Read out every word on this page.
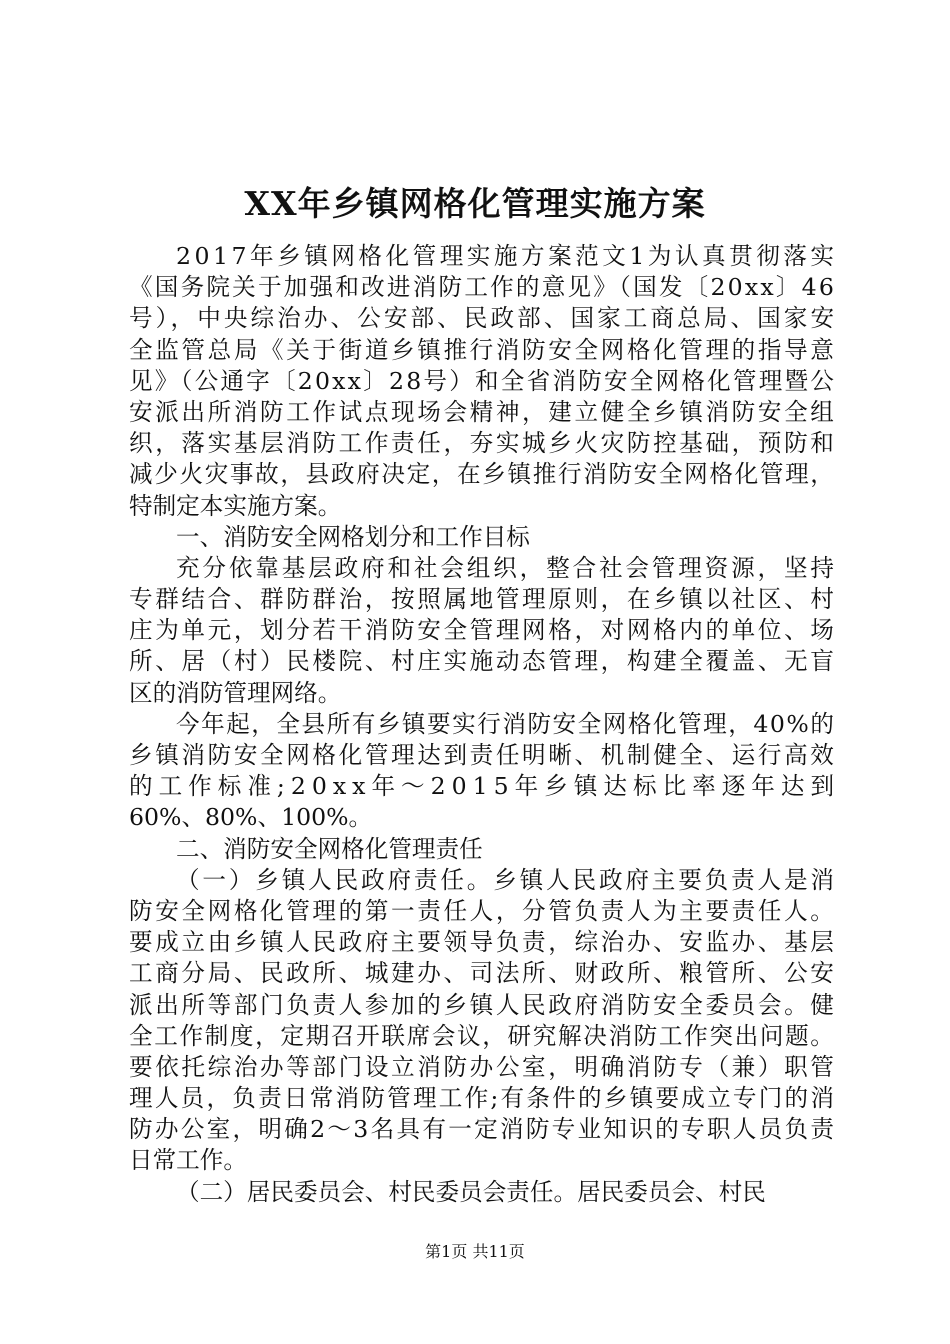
XX年乡镇网格化管理实施方案
2017年乡镇网格化管理实施方案范文1为认真贯彻落实
《国务院关于加强和改进消防工作的意见》（国发〔20xx〕46
号），中央综治办、公安部、民政部、国家工商总局、国家安
全监管总局《关于街道乡镇推行消防安全网格化管理的指导意
见》（公通字〔20xx〕28号）和全省消防安全网格化管理暨公
安派出所消防工作试点现场会精神，建立健全乡镇消防安全组
织，落实基层消防工作责任，夯实城乡火灾防控基础，预防和
减少火灾事故，县政府决定，在乡镇推行消防安全网格化管理，
特制定本实施方案。
一、消防安全网格划分和工作目标
充分依靠基层政府和社会组织，整合社会管理资源，坚持
专群结合、群防群治，按照属地管理原则，在乡镇以社区、村
庄为单元，划分若干消防安全管理网格，对网格内的单位、场
所、居（村）民楼院、村庄实施动态管理，构建全覆盖、无盲
区的消防管理网络。
今年起，全县所有乡镇要实行消防安全网格化管理，40%的
乡镇消防安全网格化管理达到责任明晰、机制健全、运行高效
的工作标准;20xx年～2015年乡镇达标比率逐年达到
60%、80%、100%。
二、消防安全网格化管理责任
（一）乡镇人民政府责任。乡镇人民政府主要负责人是消
防安全网格化管理的第一责任人，分管负责人为主要责任人。
要成立由乡镇人民政府主要领导负责，综治办、安监办、基层
工商分局、民政所、城建办、司法所、财政所、粮管所、公安
派出所等部门负责人参加的乡镇人民政府消防安全委员会。健
全工作制度，定期召开联席会议，研究解决消防工作突出问题。
要依托综治办等部门设立消防办公室，明确消防专（兼）职管
理人员，负责日常消防管理工作;有条件的乡镇要成立专门的消
防办公室，明确2～3名具有一定消防专业知识的专职人员负责
日常工作。
（二）居民委员会、村民委员会责任。居民委员会、村民
第1页 共11页
